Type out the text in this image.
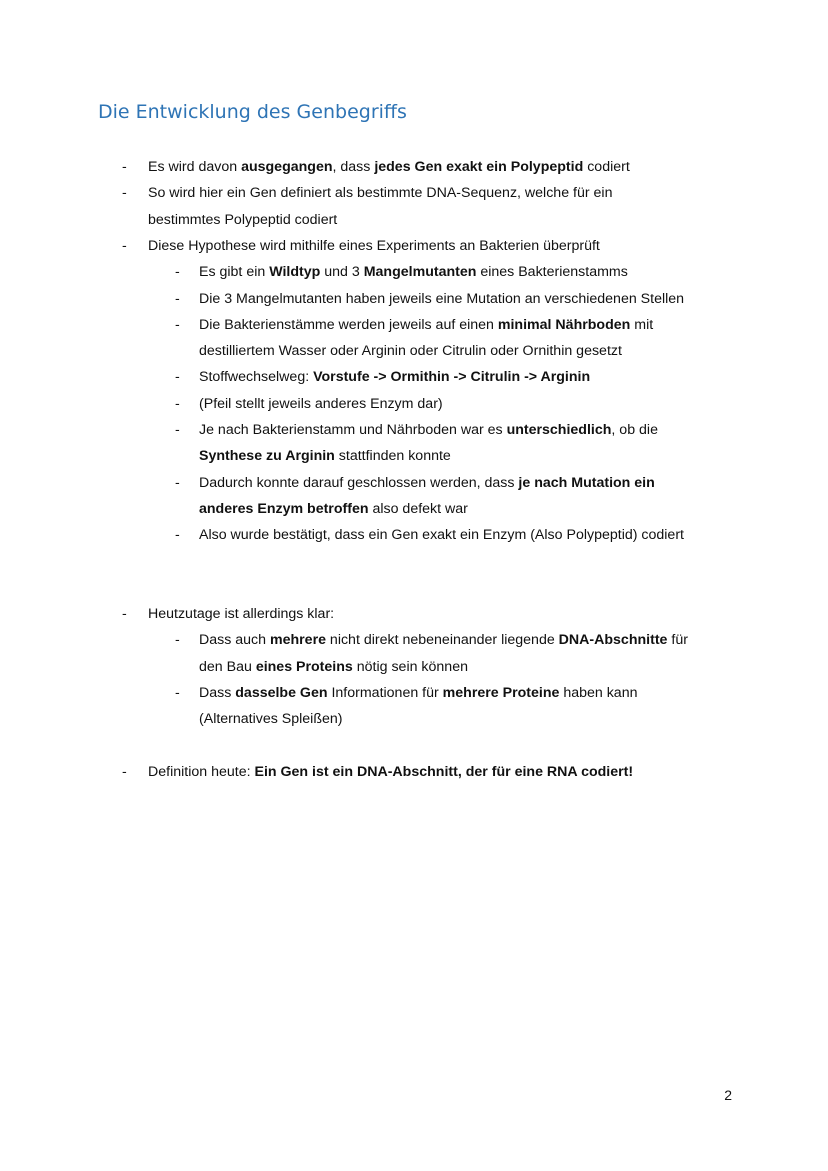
Die Entwicklung des Genbegriffs
- Es wird davon ausgegangen, dass jedes Gen exakt ein Polypeptid codiert
- So wird hier ein Gen definiert als bestimmte DNA-Sequenz, welche für ein
bestimmtes Polypeptid codiert
- Diese Hypothese wird mithilfe eines Experiments an Bakterien überprüft
- Es gibt ein Wildtyp und 3 Mangelmutanten eines Bakterienstamms
- Die 3 Mangelmutanten haben jeweils eine Mutation an verschiedenen Stellen
- Die Bakterienstämme werden jeweils auf einen minimal Nährboden mit
destilliertem Wasser oder Arginin oder Citrulin oder Ornithin gesetzt
- Stoffwechselweg: Vorstufe -> Ormithin -> Citrulin -> Arginin
- (Pfeil stellt jeweils anderes Enzym dar)
- Je nach Bakterienstamm und Nährboden war es unterschiedlich, ob die
Synthese zu Arginin stattfinden konnte
- Dadurch konnte darauf geschlossen werden, dass je nach Mutation ein
anderes Enzym betroffen also defekt war
- Also wurde bestätigt, dass ein Gen exakt ein Enzym (Also Polypeptid) codiert
- Heutzutage ist allerdings klar:
- Dass auch mehrere nicht direkt nebeneinander liegende DNA-Abschnitte für
den Bau eines Proteins nötig sein können
- Dass dasselbe Gen Informationen für mehrere Proteine haben kann
(Alternatives Spleißen)
- Definition heute: Ein Gen ist ein DNA-Abschnitt, der für eine RNA codiert!
2
